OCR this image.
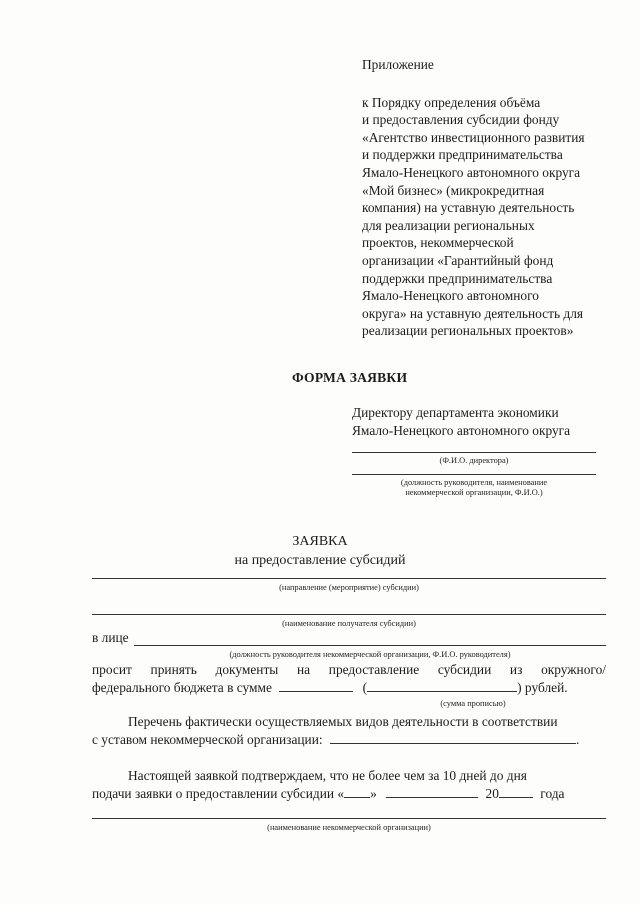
Приложение
к Порядку определения объёма
и предоставления субсидии фонду
«Агентство инвестиционного развития
и поддержки предпринимательства
Ямало-Ненецкого автономного округа
«Мой бизнес» (микрокредитная
компания) на уставную деятельность
для реализации региональных
проектов, некоммерческой
организации «Гарантийный фонд
поддержки предпринимательства
Ямало-Ненецкого автономного
округа» на уставную деятельность для
реализации региональных проектов»
ФОРМА ЗАЯВКИ
Директору департамента экономики
Ямало-Ненецкого автономного округа
(Ф.И.О. директора)
(должность руководителя, наименование
некоммерческой организации, Ф.И.О.)
ЗАЯВКА
на предоставление субсидий
(направление (мероприятие) субсидии)
(наименование получателя субсидии)
в лице
(должность руководителя некоммерческой организации, Ф.И.О. руководителя)
просит принять документы на предоставление субсидии из окружного/
федерального бюджета в сумме	(	) рублей.
(сумма прописью)
Перечень фактически осуществляемых видов деятельности в соответствии
с уставом некоммерческой организации:	.
Настоящей заявкой подтверждаем, что не более чем за 10 дней до дня
подачи заявки о предоставлении субсидии « »	20	года
(наименование некоммерческой организации)
